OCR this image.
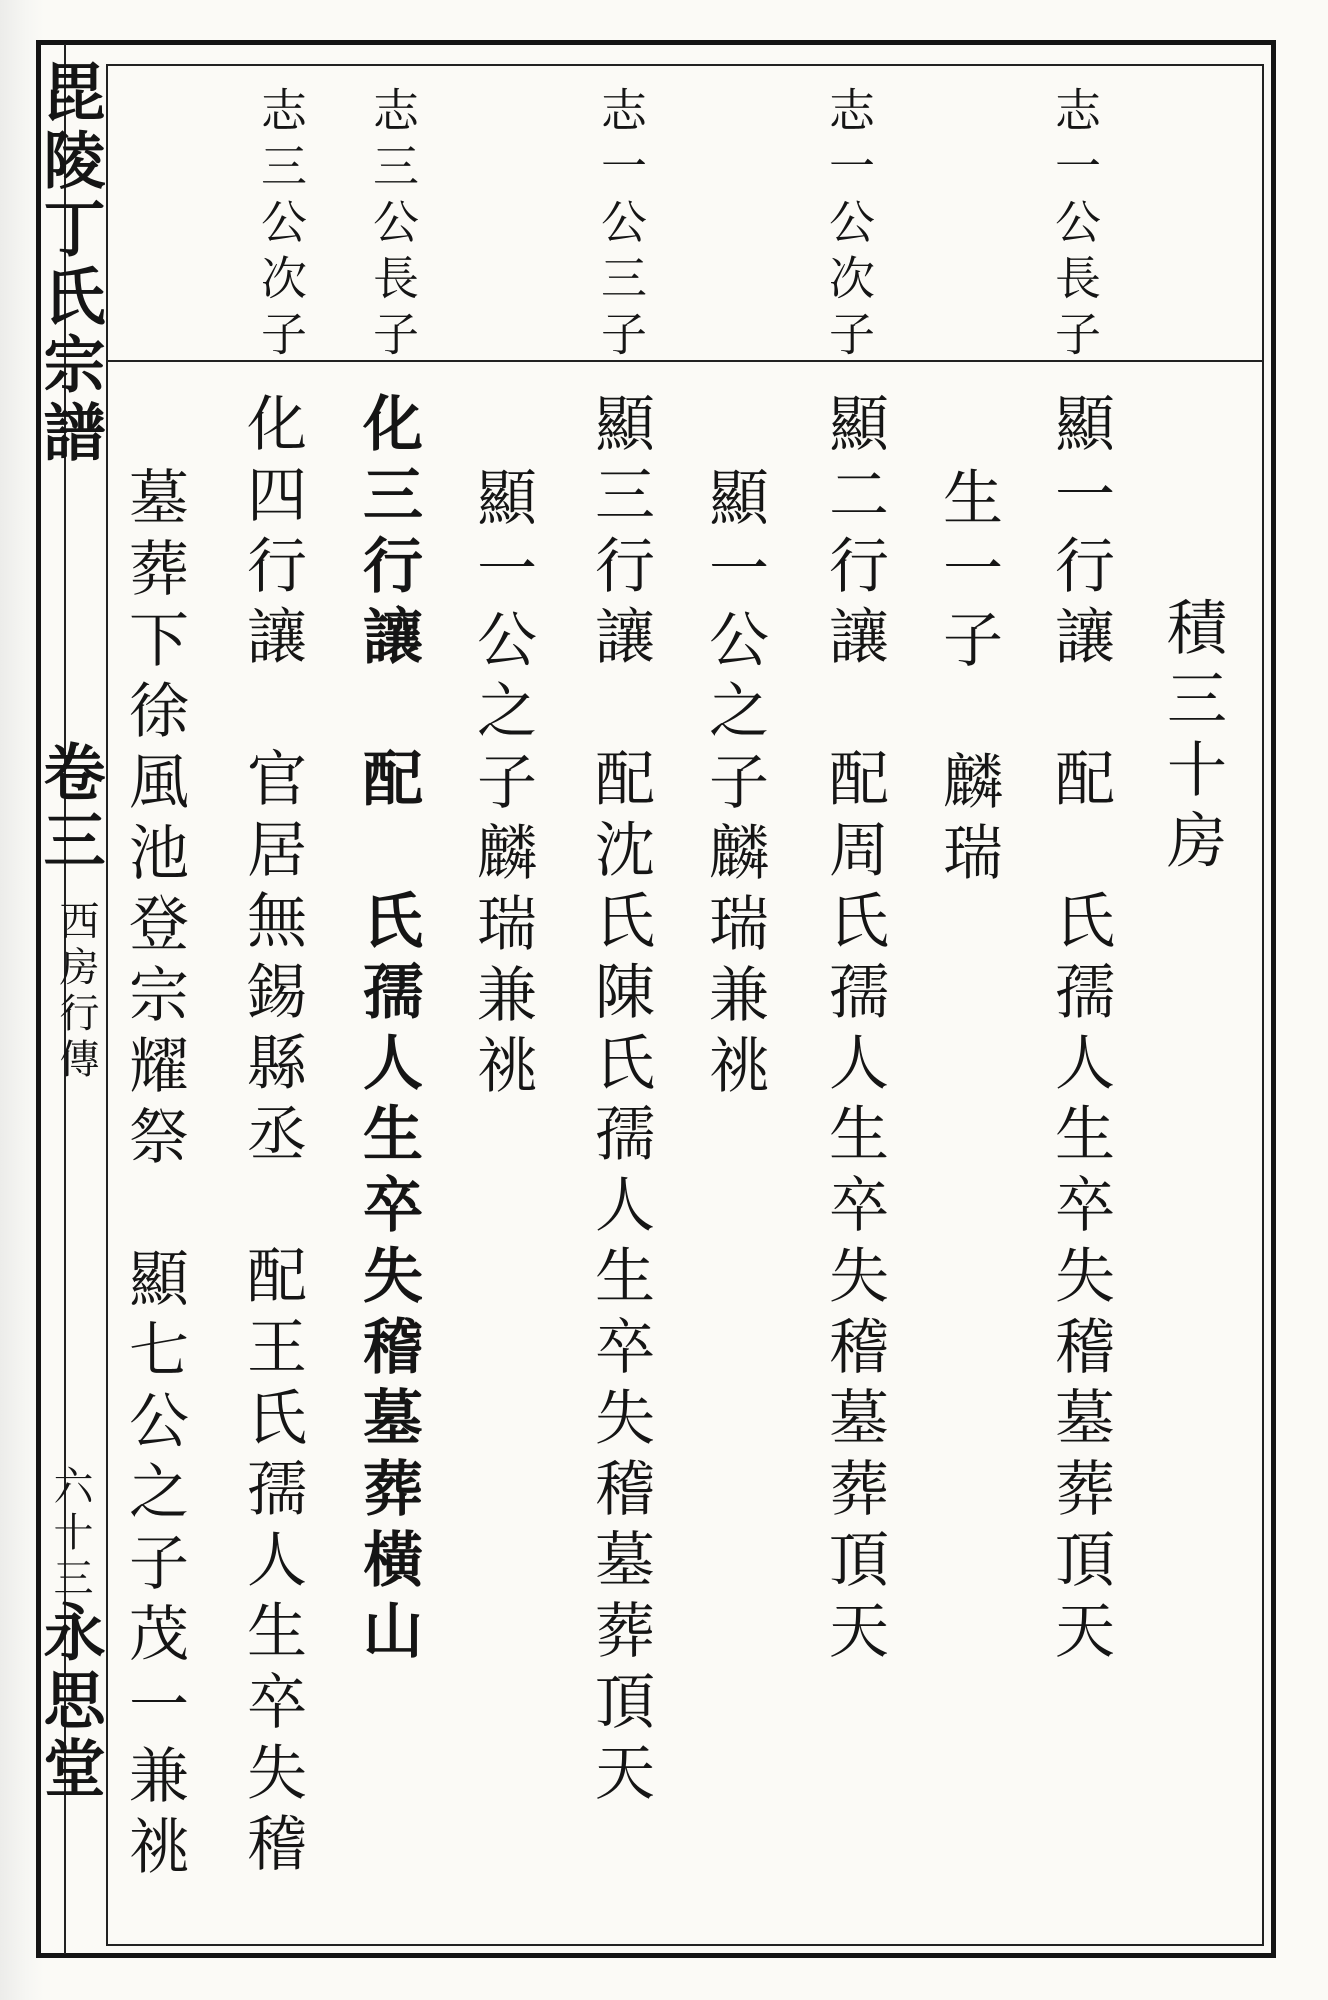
毘陵丁氏宗譜
卷三
西房行傳
六十三
永思堂
志一公長子
志一公次子
志一公三子
志三公長子
志三公次子
積三十房
顯一行讓　配　氏孺人生卒失稽墓葬頂天
生一子　麟瑞
顯二行讓　配周氏孺人生卒失稽墓葬頂天
顯一公之子麟瑞兼祧
顯三行讓　配沈氏陳氏孺人生卒失稽墓葬頂天
顯一公之子麟瑞兼祧
化三行讓　配　氏孺人生卒失稽墓葬橫山
化四行讓　官居無錫縣丞　配王氏孺人生卒失稽
墓葬下徐風池登宗耀祭　顯七公之子茂一兼祧
